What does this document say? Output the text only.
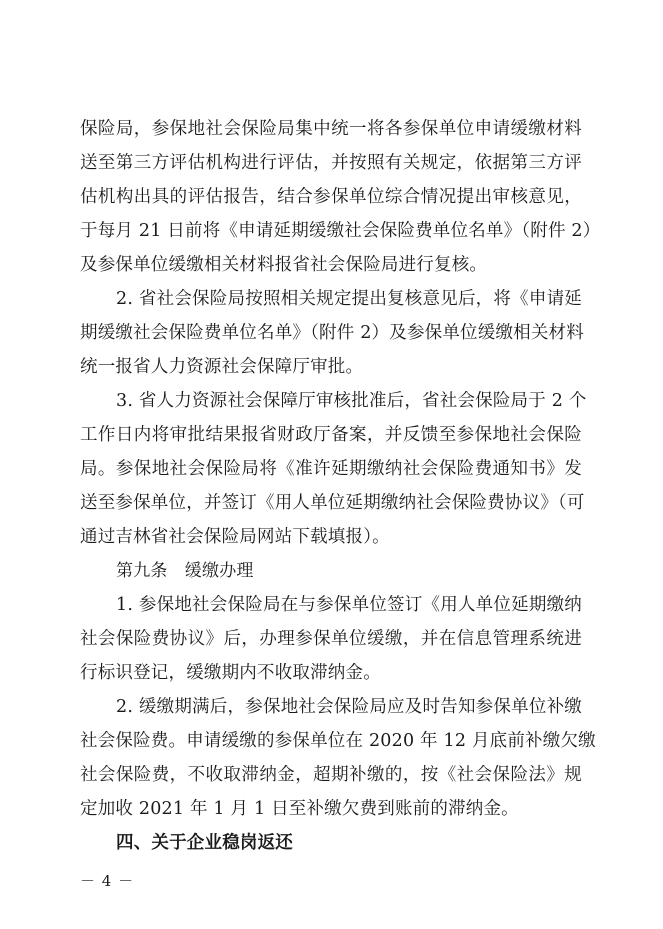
保险局，参保地社会保险局集中统一将各参保单位申请缓缴材料
送至第三方评估机构进行评估，并按照有关规定，依据第三方评
估机构出具的评估报告，结合参保单位综合情况提出审核意见，
于每月 21 日前将《申请延期缓缴社会保险费单位名单》（附件 2）
及参保单位缓缴相关材料报省社会保险局进行复核。
2. 省社会保险局按照相关规定提出复核意见后，将《申请延
期缓缴社会保险费单位名单》（附件 2）及参保单位缓缴相关材料
统一报省人力资源社会保障厅审批。
3. 省人力资源社会保障厅审核批准后，省社会保险局于 2 个
工作日内将审批结果报省财政厅备案，并反馈至参保地社会保险
局。参保地社会保险局将《准许延期缴纳社会保险费通知书》发
送至参保单位，并签订《用人单位延期缴纳社会保险费协议》（可
通过吉林省社会保险局网站下载填报）。
第九条　缓缴办理
1. 参保地社会保险局在与参保单位签订《用人单位延期缴纳
社会保险费协议》后，办理参保单位缓缴，并在信息管理系统进
行标识登记，缓缴期内不收取滞纳金。
2. 缓缴期满后，参保地社会保险局应及时告知参保单位补缴
社会保险费。申请缓缴的参保单位在 2020 年 12 月底前补缴欠缴
社会保险费，不收取滞纳金，超期补缴的，按《社会保险法》规
定加收 2021 年 1 月 1 日至补缴欠费到账前的滞纳金。
四、关于企业稳岗返还
－ 4 －
